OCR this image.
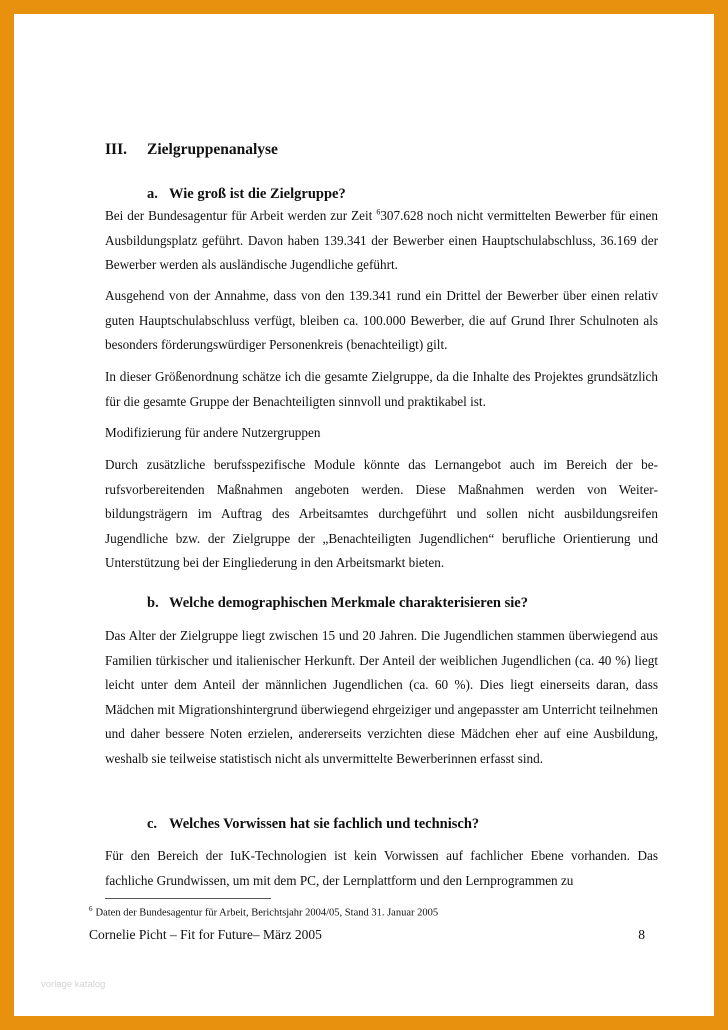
III. Zielgruppenanalyse
a. Wie groß ist die Zielgruppe?

Bei der Bundesagentur für Arbeit werden zur Zeit $^6$307.628 noch nicht vermittelten Bewerber für einen Ausbildungsplatz geführt. Davon haben 139.341 der Bewerber einen Hauptschulabschluss, 36.169 der Bewerber werden als ausländische Jugendliche geführt.

Ausgehend von der Annahme, dass von den 139.341 rund ein Drittel der Bewerber über einen relativ guten Hauptschulabschluss verfügt, bleiben ca. 100.000 Bewerber, die auf Grund Ihrer Schulnoten als besonders förderungswürdiger Personenkreis (benachteiligt) gilt.

In dieser Größenordnung schätze ich die gesamte Zielgruppe, da die Inhalte des Projektes grundsätzlich für die gesamte Gruppe der Benachteiligten sinnvoll und praktikabel ist.

Modifizierung für andere Nutzergruppen

Durch zusätzliche berufsspezifische Module könnte das Lernangebot auch im Bereich der berufsvorbereitenden Maßnahmen angeboten werden. Diese Maßnahmen werden von Weiterbildungsträgern im Auftrag des Arbeitsamtes durchgeführt und sollen nicht ausbildungsreifen Jugendliche bzw. der Zielgruppe der „Benachteiligten Jugendlichen“ berufliche Orientierung und Unterstützung bei der Eingliederung in den Arbeitsmarkt bieten.

b. Welche demographischen Merkmale charakterisieren sie?

Das Alter der Zielgruppe liegt zwischen 15 und 20 Jahren. Die Jugendlichen stammen überwiegend aus Familien türkischer und italienischer Herkunft. Der Anteil der weiblichen Jugendlichen (ca. 40 %) liegt leicht unter dem Anteil der männlichen Jugendlichen (ca. 60 %). Dies liegt einerseits daran, dass Mädchen mit Migrationshintergrund überwiegend ehrgeiziger und angepasster am Unterricht teilnehmen und daher bessere Noten erzielen, andererseits verzichten diese Mädchen eher auf eine Ausbildung, weshalb sie teilweise statistisch nicht als unvermittelte Bewerberinnen erfasst sind.

c. Welches Vorwissen hat sie fachlich und technisch?

Für den Bereich der IuK-Technologien ist kein Vorwissen auf fachlicher Ebene vorhanden. Das fachliche Grundwissen, um mit dem PC, der Lernplattform und den Lernprogrammen zu

$^6$ Daten der Bundesagentur für Arbeit, Berichtsjahr 2004/05, Stand 31. Januar 2005
Cornelie Picht – Fit for Future– März 2005	8
vorlage katalog
